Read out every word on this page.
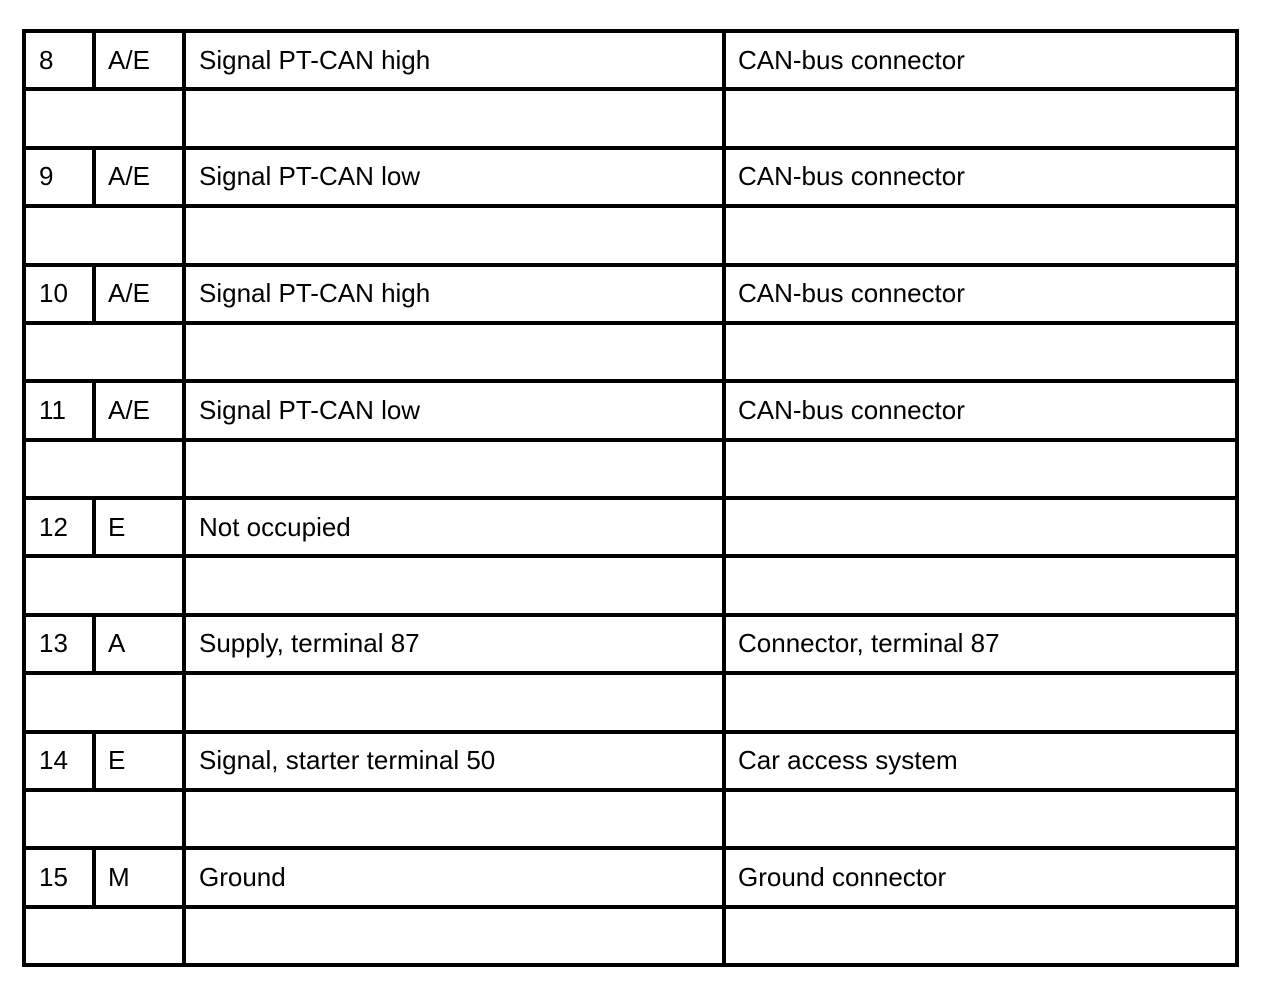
8	A/E	Signal PT-CAN high	CAN-bus connector

9	A/E	Signal PT-CAN low	CAN-bus connector

10	A/E	Signal PT-CAN high	CAN-bus connector

11	A/E	Signal PT-CAN low	CAN-bus connector

12	E	Not occupied	

13	A	Supply, terminal 87	Connector, terminal 87

14	E	Signal, starter terminal 50	Car access system

15	M	Ground	Ground connector
